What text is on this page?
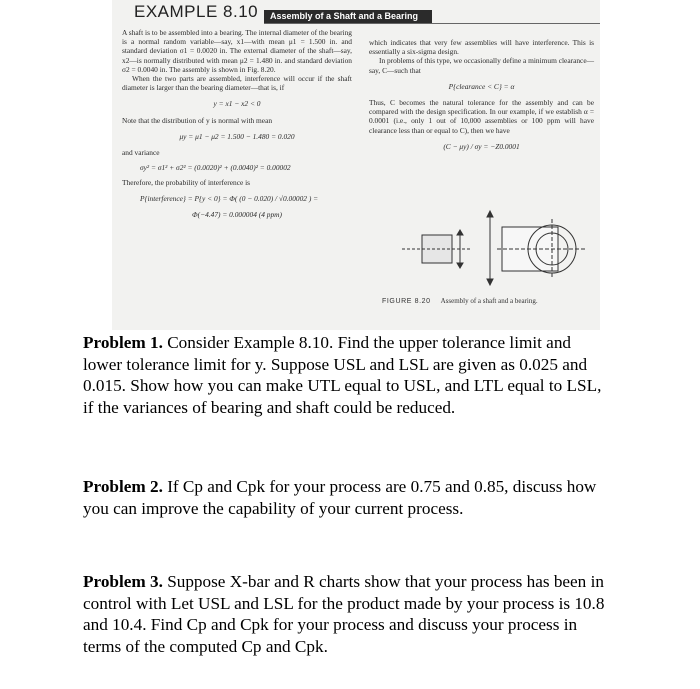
EXAMPLE 8.10	Assembly of a Shaft and a Bearing

A shaft is to be assembled into a bearing. The internal diameter of the bearing is a normal random variable—say, x1—with mean μ1 = 1.500 in. and standard deviation σ1 = 0.0020 in. The external diameter of the shaft—say, x2—is normally distributed with mean μ2 = 1.480 in. and standard deviation σ2 = 0.0040 in. The assembly is shown in Fig. 8.20.

When the two parts are assembled, interference will occur if the shaft diameter is larger than the bearing diameter—that is, if

y = x1 − x2 < 0

Note that the distribution of y is normal with mean

μy = μ1 − μ2 = 1.500 − 1.480 = 0.020

and variance

σy² = σ1² + σ2² = (0.0020)² + (0.0040)² = 0.00002

Therefore, the probability of interference is

P{interference} = P{y < 0} = Φ( (0 − 0.020) / √0.00002 ) =
Φ(−4.47) = 0.000004 (4 ppm)

which indicates that very few assemblies will have interference. This is essentially a six-sigma design.

In problems of this type, we occasionally define a minimum clearance—say, C—such that

P{clearance < C} = α

Thus, C becomes the natural tolerance for the assembly and can be compared with the design specification. In our example, if we establish α = 0.0001 (i.e., only 1 out of 10,000 assemblies or 100 ppm will have clearance less than or equal to C), then we have

(C − μy) / σy = −Z0.0001
FIGURE 8.20 Assembly of a shaft and a bearing.

Problem 1. Consider Example 8.10. Find the upper tolerance limit and lower tolerance limit for y. Suppose USL and LSL are given as 0.025 and 0.015. Show how you can make UTL equal to USL, and LTL equal to LSL, if the variances of bearing and shaft could be reduced.

Problem 2. If Cp and Cpk for your process are 0.75 and 0.85, discuss how you can improve the capability of your current process.

Problem 3. Suppose X-bar and R charts show that your process has been in control with Let USL and LSL for the product made by your process is 10.8 and 10.4. Find Cp and Cpk for your process and discuss your process in terms of the computed Cp and Cpk.
